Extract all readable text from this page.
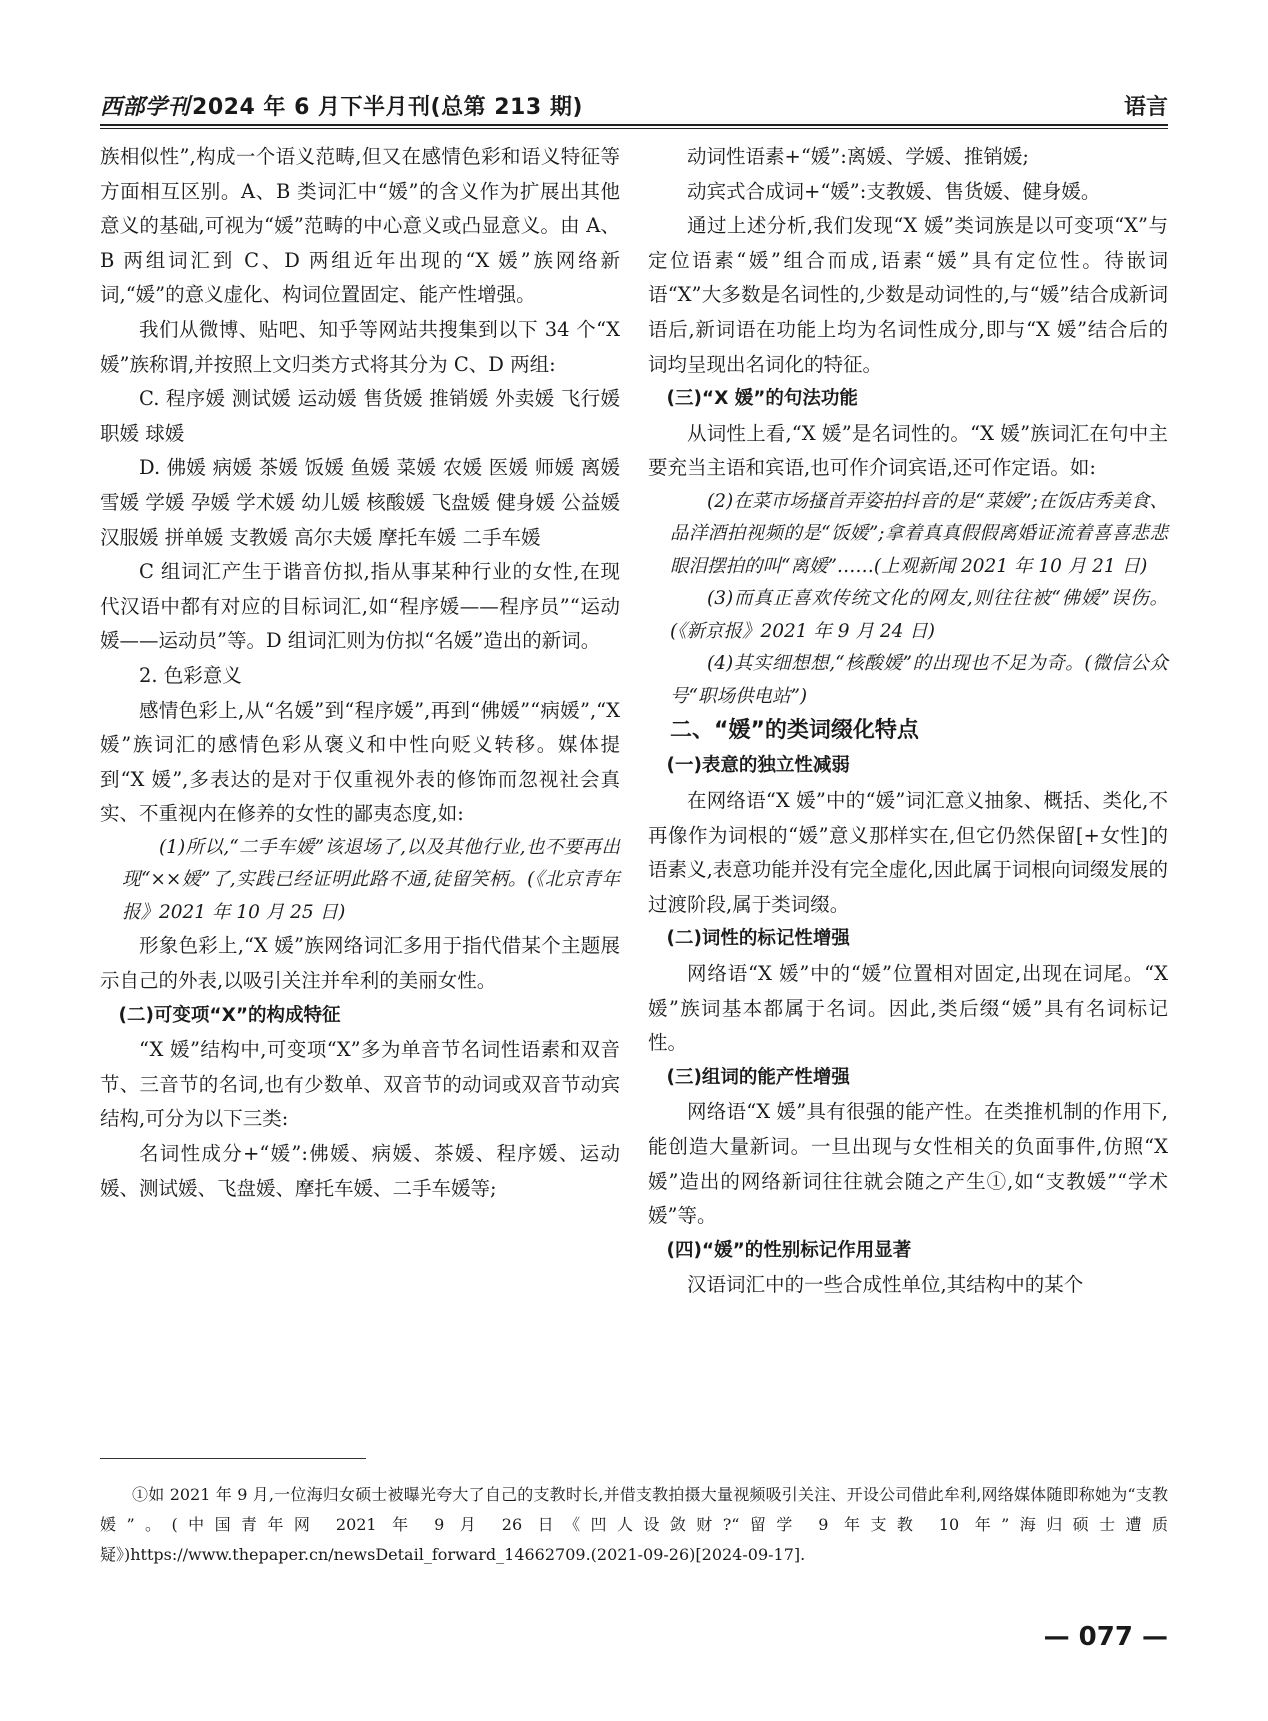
西部学刊2024 年 6 月下半月刊(总第 213 期)	语言

族相似性”,构成一个语义范畴,但又在感情色彩和语义特征等方面相互区别。A、B 类词汇中“媛”的含义作为扩展出其他意义的基础,可视为“媛”范畴的中心意义或凸显意义。由 A、B 两组词汇到 C、D 两组近年出现的“X 媛”族网络新词,“媛”的意义虚化、构词位置固定、能产性增强。

我们从微博、贴吧、知乎等网站共搜集到以下 34 个“X 媛”族称谓,并按照上文归类方式将其分为 C、D 两组:

C. 程序媛 测试媛 运动媛 售货媛 推销媛 外卖媛 飞行媛 职媛 球媛

D. 佛媛 病媛 茶媛 饭媛 鱼媛 菜媛 农媛 医媛 师媛 离媛 雪媛 学媛 孕媛 学术媛 幼儿媛 核酸媛 飞盘媛 健身媛 公益媛 汉服媛 拼单媛 支教媛 高尔夫媛 摩托车媛 二手车媛

C 组词汇产生于谐音仿拟,指从事某种行业的女性,在现代汉语中都有对应的目标词汇,如“程序媛——程序员”“运动媛——运动员”等。D 组词汇则为仿拟“名媛”造出的新词。

2. 色彩意义

感情色彩上,从“名媛”到“程序媛”,再到“佛媛”“病媛”,“X 媛”族词汇的感情色彩从褒义和中性向贬义转移。媒体提到“X 媛”,多表达的是对于仅重视外表的修饰而忽视社会真实、不重视内在修养的女性的鄙夷态度,如:

(1)所以,“二手车媛”该退场了,以及其他行业,也不要再出现“××媛”了,实践已经证明此路不通,徒留笑柄。(《北京青年报》2021 年 10 月 25 日)

形象色彩上,“X 媛”族网络词汇多用于指代借某个主题展示自己的外表,以吸引关注并牟利的美丽女性。

(二)可变项“X”的构成特征

“X 媛”结构中,可变项“X”多为单音节名词性语素和双音节、三音节的名词,也有少数单、双音节的动词或双音节动宾结构,可分为以下三类:

名词性成分+“媛”:佛媛、病媛、茶媛、程序媛、运动媛、测试媛、飞盘媛、摩托车媛、二手车媛等;

动词性语素+“媛”:离媛、学媛、推销媛;

动宾式合成词+“媛”:支教媛、售货媛、健身媛。

通过上述分析,我们发现“X 媛”类词族是以可变项“X”与定位语素“媛”组合而成,语素“媛”具有定位性。待嵌词语“X”大多数是名词性的,少数是动词性的,与“媛”结合成新词语后,新词语在功能上均为名词性成分,即与“X 媛”结合后的词均呈现出名词化的特征。

(三)“X 媛”的句法功能

从词性上看,“X 媛”是名词性的。“X 媛”族词汇在句中主要充当主语和宾语,也可作介词宾语,还可作定语。如:

(2)在菜市场搔首弄姿拍抖音的是“菜媛”;在饭店秀美食、品洋酒拍视频的是“饭媛”;拿着真真假假离婚证流着喜喜悲悲眼泪摆拍的叫“离媛”……(上观新闻 2021 年 10 月 21 日)

(3)而真正喜欢传统文化的网友,则往往被“佛媛”误伤。(《新京报》2021 年 9 月 24 日)

(4)其实细想想,“核酸媛”的出现也不足为奇。(微信公众号“职场供电站”)

二、“媛”的类词缀化特点

(一)表意的独立性减弱

在网络语“X 媛”中的“媛”词汇意义抽象、概括、类化,不再像作为词根的“媛”意义那样实在,但它仍然保留[+女性]的语素义,表意功能并没有完全虚化,因此属于词根向词缀发展的过渡阶段,属于类词缀。

(二)词性的标记性增强

网络语“X 媛”中的“媛”位置相对固定,出现在词尾。“X 媛”族词基本都属于名词。因此,类后缀“媛”具有名词标记性。

(三)组词的能产性增强

网络语“X 媛”具有很强的能产性。在类推机制的作用下,能创造大量新词。一旦出现与女性相关的负面事件,仿照“X 媛”造出的网络新词往往就会随之产生①,如“支教媛”“学术媛”等。

(四)“媛”的性别标记作用显著

汉语词汇中的一些合成性单位,其结构中的某个

①如 2021 年 9 月,一位海归女硕士被曝光夸大了自己的支教时长,并借支教拍摄大量视频吸引关注、开设公司借此牟利,网络媒体随即称她为“支教媛”。(中国青年网 2021 年 9 月 26 日《凹人设敛财?“留学 9 年支教 10 年”海归硕士遭质疑》)https://www.thepaper.cn/newsDetail_forward_14662709.(2021-09-26)[2024-09-17].
— 077 —
